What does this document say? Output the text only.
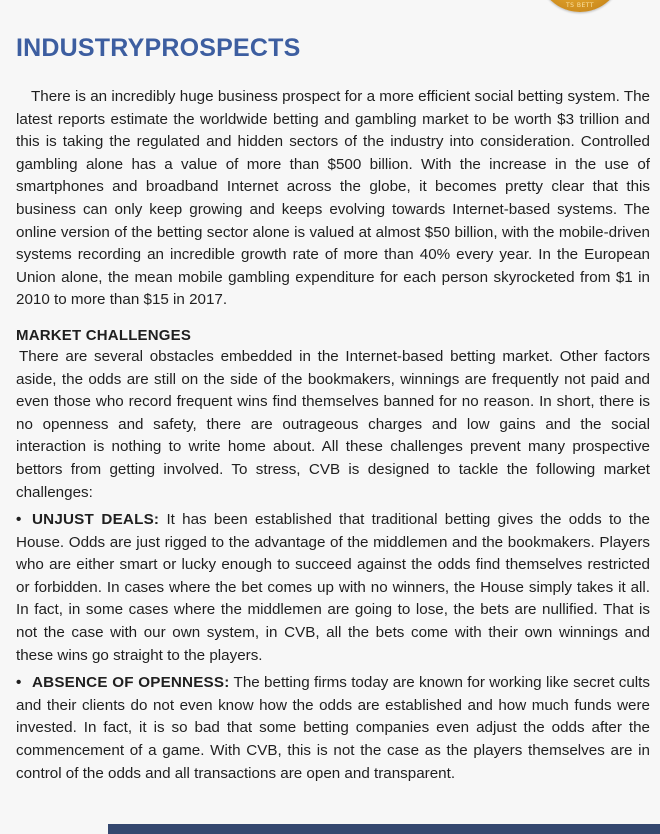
TS BETT
INDUSTRYPROSPECTS

There is an incredibly huge business prospect for a more efficient social betting system. The latest reports estimate the worldwide betting and gambling market to be worth $3 trillion and this is taking the regulated and hidden sectors of the industry into consideration. Controlled gambling alone has a value of more than $500 billion. With the increase in the use of smartphones and broadband Internet across the globe, it becomes pretty clear that this business can only keep growing and keeps evolving towards Internet-based systems. The online version of the betting sector alone is valued at almost $50 billion, with the mobile-driven systems recording an incredible growth rate of more than 40% every year. In the European Union alone, the mean mobile gambling expenditure for each person skyrocketed from $1 in 2010 to more than $15 in 2017.

MARKET CHALLENGES

There are several obstacles embedded in the Internet-based betting market. Other factors aside, the odds are still on the side of the bookmakers, winnings are frequently not paid and even those who record frequent wins find themselves banned for no reason. In short, there is no openness and safety, there are outrageous charges and low gains and the social interaction is nothing to write home about. All these challenges prevent many prospective bettors from getting involved. To stress, CVB is designed to tackle the following market challenges:

• UNJUST DEALS: It has been established that traditional betting gives the odds to the House. Odds are just rigged to the advantage of the middlemen and the bookmakers. Players who are either smart or lucky enough to succeed against the odds find themselves restricted or forbidden. In cases where the bet comes up with no winners, the House simply takes it all. In fact, in some cases where the middlemen are going to lose, the bets are nullified. That is not the case with our own system, in CVB, all the bets come with their own winnings and these wins go straight to the players.

• ABSENCE OF OPENNESS: The betting firms today are known for working like secret cults and their clients do not even know how the odds are established and how much funds were invested. In fact, it is so bad that some betting companies even adjust the odds after the commencement of a game. With CVB, this is not the case as the players themselves are in control of the odds and all transactions are open and transparent.
